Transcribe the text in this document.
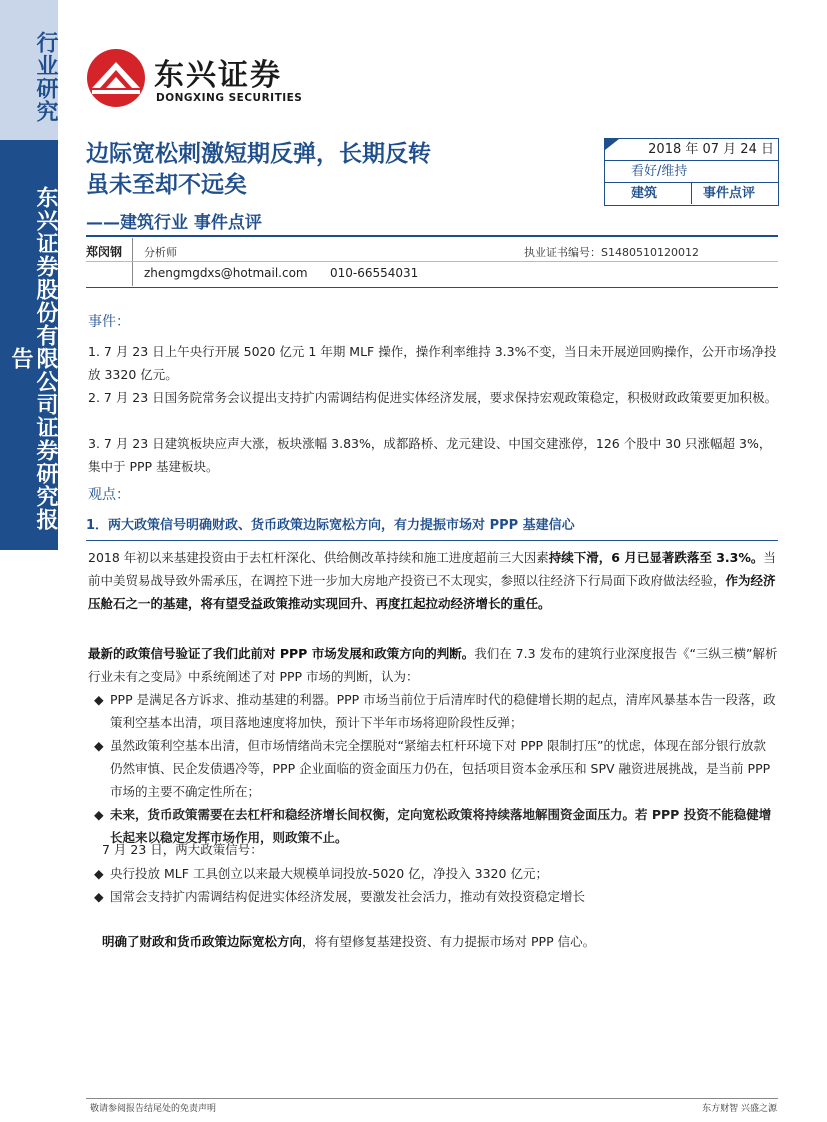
行业研究
东兴证券股份有限公司证券研究报告
东兴证券
DONGXING SECURITIES
边际宽松刺激短期反弹，长期反转
虽未至却不远矣
——建筑行业 事件点评
2018 年 07 月 24 日
看好/维持
建筑	事件点评
郑闵钢 分析师	执业证书编号：S1480510120012
zhengmgdxs@hotmail.com 010-66554031
事件：
1. 7 月 23 日上午央行开展 5020 亿元 1 年期 MLF 操作，操作利率维持 3.3%不变，当日未开展逆回购操作，公开市场净投放 3320 亿元。
2. 7 月 23 日国务院常务会议提出支持扩内需调结构促进实体经济发展，要求保持宏观政策稳定，积极财政政策要更加积极。
3. 7 月 23 日建筑板块应声大涨，板块涨幅 3.83%，成都路桥、龙元建设、中国交建涨停，126 个股中 30 只涨幅超 3%，集中于 PPP 基建板块。
观点：
1．两大政策信号明确财政、货币政策边际宽松方向，有力提振市场对 PPP 基建信心
2018 年初以来基建投资由于去杠杆深化、供给侧改革持续和施工进度超前三大因素持续下滑，6 月已显著跌落至 3.3%。当前中美贸易战导致外需承压，在调控下进一步加大房地产投资已不太现实，参照以往经济下行局面下政府做法经验，作为经济压舱石之一的基建，将有望受益政策推动实现回升、再度扛起拉动经济增长的重任。
最新的政策信号验证了我们此前对 PPP 市场发展和政策方向的判断。我们在 7.3 发布的建筑行业深度报告《“三纵三横”解析行业未有之变局》中系统阐述了对 PPP 市场的判断，认为：
◆ PPP 是满足各方诉求、推动基建的利器。PPP 市场当前位于后清库时代的稳健增长期的起点，清库风暴基本告一段落，政策利空基本出清，项目落地速度将加快，预计下半年市场将迎阶段性反弹；
◆ 虽然政策利空基本出清，但市场情绪尚未完全摆脱对“紧缩去杠杆环境下对 PPP 限制打压”的忧虑，体现在部分银行放款仍然审慎、民企发债遇冷等，PPP 企业面临的资金面压力仍在，包括项目资本金承压和 SPV 融资进展挑战，是当前 PPP 市场的主要不确定性所在；
◆ 未来，货币政策需要在去杠杆和稳经济增长间权衡，定向宽松政策将持续落地解围资金面压力。若 PPP 投资不能稳健增长起来以稳定发挥市场作用，则政策不止。
7 月 23 日，两大政策信号：
◆ 央行投放 MLF 工具创立以来最大规模单词投放-5020 亿，净投入 3320 亿元；
◆ 国常会支持扩内需调结构促进实体经济发展，要激发社会活力，推动有效投资稳定增长
明确了财政和货币政策边际宽松方向，将有望修复基建投资、有力提振市场对 PPP 信心。
敬请参阅报告结尾处的免责声明	东方财智 兴盛之源
